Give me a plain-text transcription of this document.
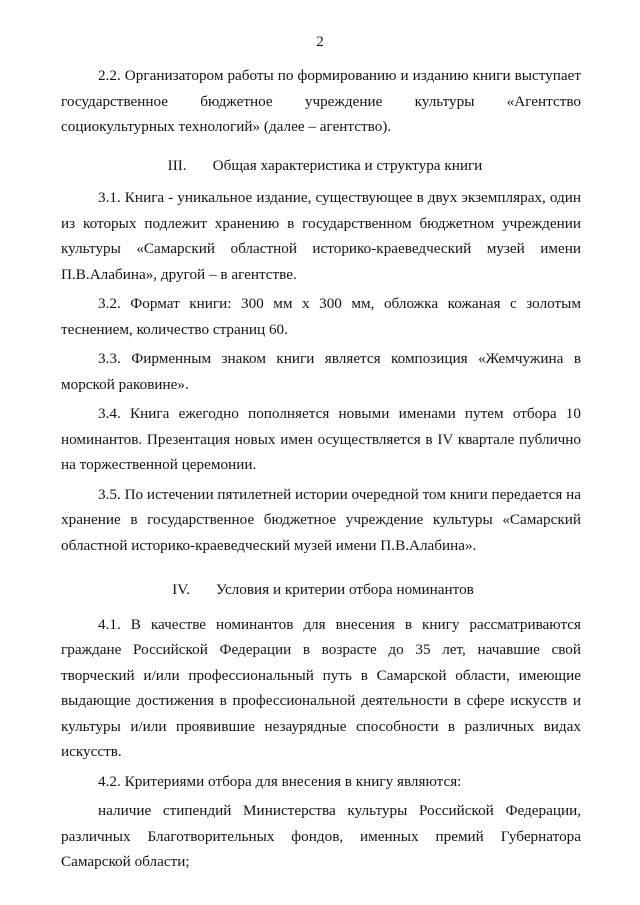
2

2.2. Организатором работы по формированию и изданию книги выступает государственное бюджетное учреждение культуры «Агентство социокультурных технологий» (далее – агентство).

III. Общая характеристика и структура книги

3.1. Книга - уникальное издание, существующее в двух экземплярах, один из которых подлежит хранению в государственном бюджетном учреждении культуры «Самарский областной историко-краеведческий музей имени П.В.Алабина», другой – в агентстве.

3.2. Формат книги: 300 мм х 300 мм, обложка кожаная с золотым теснением, количество страниц 60.

3.3. Фирменным знаком книги является композиция «Жемчужина в морской раковине».

3.4. Книга ежегодно пополняется новыми именами путем отбора 10 номинантов. Презентация новых имен осуществляется в IV квартале публично на торжественной церемонии.

3.5. По истечении пятилетней истории очередной том книги передается на хранение в государственное бюджетное учреждение культуры «Самарский областной историко-краеведческий музей имени П.В.Алабина».

IV. Условия и критерии отбора номинантов

4.1. В качестве номинантов для внесения в книгу рассматриваются граждане Российской Федерации в возрасте до 35 лет, начавшие свой творческий и/или профессиональный путь в Самарской области, имеющие выдающие достижения в профессиональной деятельности в сфере искусств и культуры и/или проявившие незаурядные способности в различных видах искусств.

4.2. Критериями отбора для внесения в книгу являются:

наличие стипендий Министерства культуры Российской Федерации, различных Благотворительных фондов, именных премий Губернатора Самарской области;
